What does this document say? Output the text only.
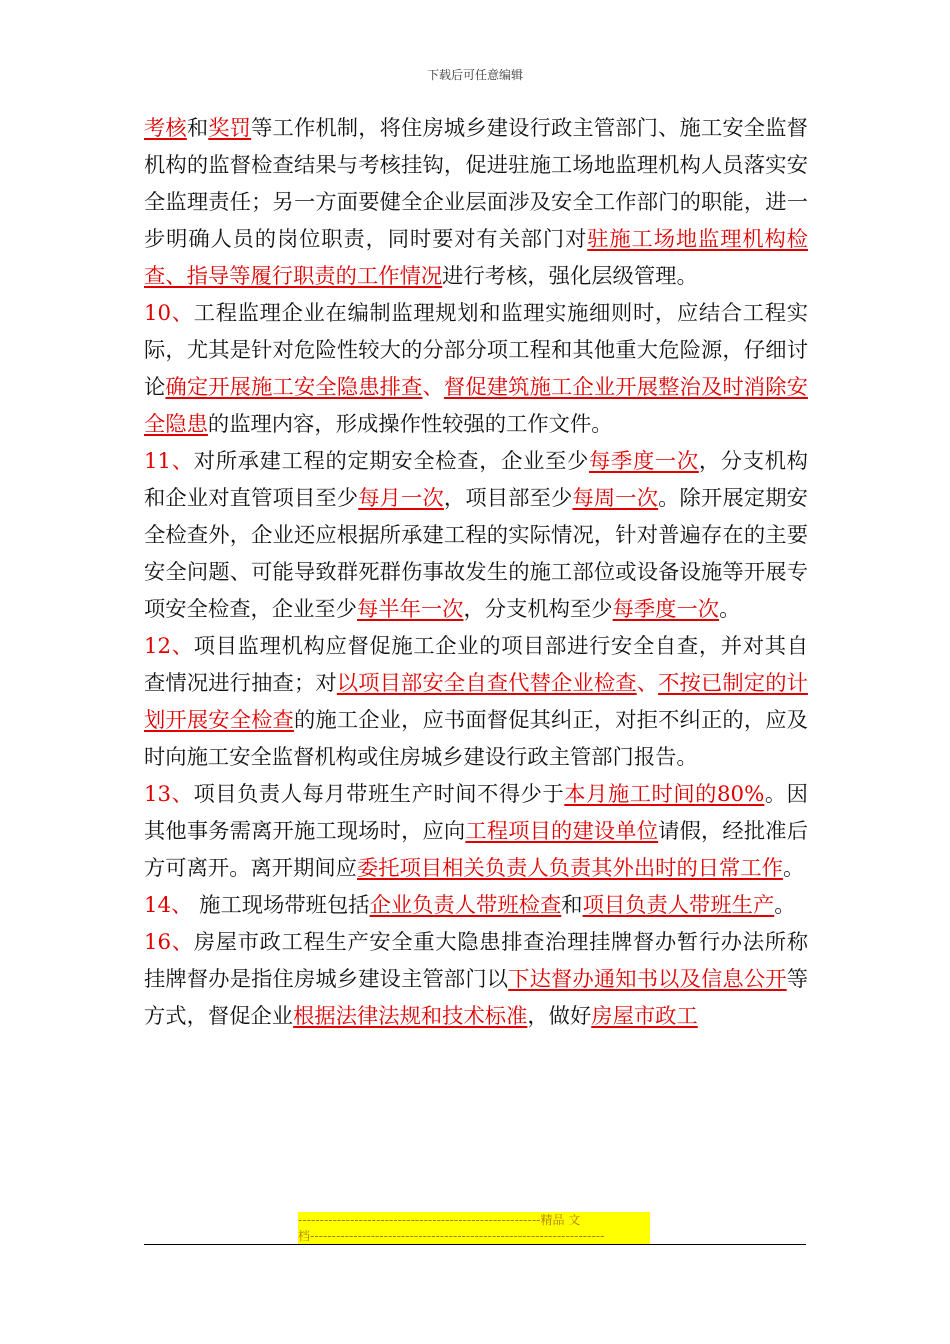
下载后可任意编辑

考核和奖罚等工作机制，将住房城乡建设行政主管部门、施工安全监督机构的监督检查结果与考核挂钩，促进驻施工场地监理机构人员落实安全监理责任；另一方面要健全企业层面涉及安全工作部门的职能，进一步明确人员的岗位职责，同时要对有关部门对驻施工场地监理机构检查、指导等履行职责的工作情况进行考核，强化层级管理。

10、工程监理企业在编制监理规划和监理实施细则时，应结合工程实际，尤其是针对危险性较大的分部分项工程和其他重大危险源，仔细讨论确定开展施工安全隐患排查、督促建筑施工企业开展整治及时消除安全隐患的监理内容，形成操作性较强的工作文件。

11、对所承建工程的定期安全检查，企业至少每季度一次，分支机构和企业对直管项目至少每月一次，项目部至少每周一次。除开展定期安全检查外，企业还应根据所承建工程的实际情况，针对普遍存在的主要安全问题、可能导致群死群伤事故发生的施工部位或设备设施等开展专项安全检查，企业至少每半年一次，分支机构至少每季度一次。

12、项目监理机构应督促施工企业的项目部进行安全自查，并对其自查情况进行抽查；对以项目部安全自查代替企业检查、不按已制定的计划开展安全检查的施工企业，应书面督促其纠正，对拒不纠正的，应及时向施工安全监督机构或住房城乡建设行政主管部门报告。

13、项目负责人每月带班生产时间不得少于本月施工时间的80%。因其他事务需离开施工现场时，应向工程项目的建设单位请假，经批准后方可离开。离开期间应委托项目相关负责人负责其外出时的日常工作。

14、 施工现场带班包括企业负责人带班检查和项目负责人带班生产。

16、房屋市政工程生产安全重大隐患排查治理挂牌督办暂行办法所称挂牌督办是指住房城乡建设主管部门以下达督办通知书以及信息公开等方式，督促企业根据法律法规和技术标准，做好房屋市政工

--------------------------------------------------------精品 文
档--------------------------------------------------------------------
